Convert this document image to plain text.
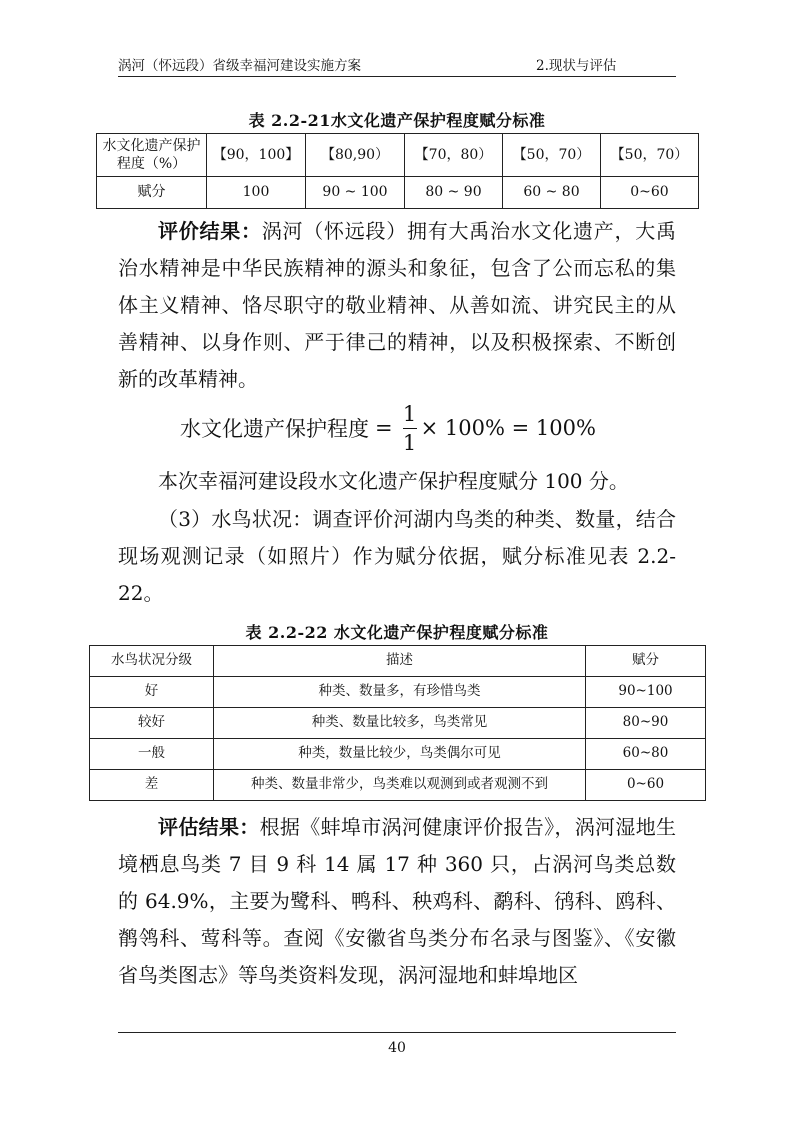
涡河（怀远段）省级幸福河建设实施方案	2.现状与评估
表 2.2-21水文化遗产保护程度赋分标准
水文化遗产保护程度（%）	【90，100】	【80,90）	【70，80）	【50，70）	【50，70）
赋分	100	90 ~ 100	80 ~ 90	60 ~ 80	0~60

评价结果：涡河（怀远段）拥有大禹治水文化遗产，大禹治水精神是中华民族精神的源头和象征，包含了公而忘私的集体主义精神、恪尽职守的敬业精神、从善如流、讲究民主的从善精神、以身作则、严于律己的精神，以及积极探索、不断创新的改革精神。

水文化遗产保护程度 = $\frac{1}{1} \times 100\% = 100\%$

本次幸福河建设段水文化遗产保护程度赋分 100 分。

（3）水鸟状况：调查评价河湖内鸟类的种类、数量，结合现场观测记录（如照片）作为赋分依据，赋分标准见表 2.2-22。

表 2.2-22 水文化遗产保护程度赋分标准
水鸟状况分级	描述	赋分
好	种类、数量多，有珍惜鸟类	90~100
较好	种类、数量比较多，鸟类常见	80~90
一般	种类，数量比较少，鸟类偶尔可见	60~80
差	种类、数量非常少，鸟类难以观测到或者观测不到	0~60

评估结果：根据《蚌埠市涡河健康评价报告》，涡河湿地生境栖息鸟类 7 目 9 科 14 属 17 种 360 只，占涡河鸟类总数的 64.9%，主要为鹭科、鸭科、秧鸡科、鹬科、鸻科、鸥科、鹡鸰科、莺科等。查阅《安徽省鸟类分布名录与图鉴》、《安徽省鸟类图志》等鸟类资料发现，涡河湿地和蚌埠地区

40
